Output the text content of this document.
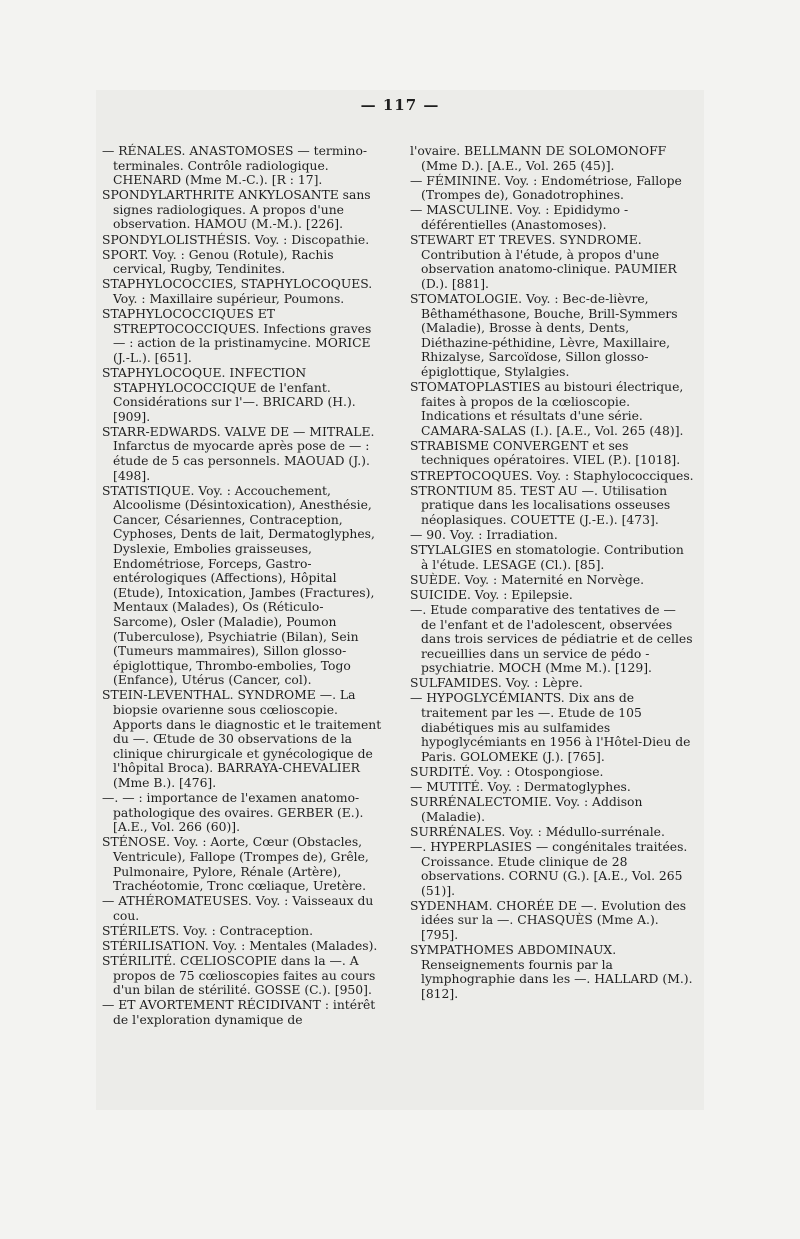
— 117 —

— RÉNALES. ANASTOMOSES — termino-terminales. Contrôle radiologique. CHENARD (Mme M.-C.). [R : 17].

SPONDYLARTHRITE ANKYLOSANTE sans signes radiologiques. A propos d'une observation. HAMOU (M.-M.). [226].

SPONDYLOLISTHÉSIS. Voy. : Discopathie.

SPORT. Voy. : Genou (Rotule), Rachis cervical, Rugby, Tendinites.

STAPHYLOCOCCIES, STAPHYLOCOQUES. Voy. : Maxillaire supérieur, Poumons.

STAPHYLOCOCCIQUES ET STREPTOCOCCIQUES. Infections graves — : action de la pristinamycine. MORICE (J.-L.). [651].

STAPHYLOCOQUE. INFECTION STAPHYLOCOCCIQUE de l'enfant. Considérations sur l'—. BRICARD (H.). [909].

STARR-EDWARDS. VALVE DE — MITRALE. Infarctus de myocarde après pose de — : étude de 5 cas personnels. MAOUAD (J.). [498].

STATISTIQUE. Voy. : Accouchement, Alcoolisme (Désintoxication), Anesthésie, Cancer, Césariennes, Contraception, Cyphoses, Dents de lait, Dermatoglyphes, Dyslexie, Embolies graisseuses, Endométriose, Forceps, Gastro-entérologiques (Affections), Hôpital (Etude), Intoxication, Jambes (Fractures), Mentaux (Malades), Os (Réticulo-Sarcome), Osler (Maladie), Poumon (Tuberculose), Psychiatrie (Bilan), Sein (Tumeurs mammaires), Sillon glosso-épiglottique, Thrombo-embolies, Togo (Enfance), Utérus (Cancer, col).

STEIN-LEVENTHAL. SYNDROME —. La biopsie ovarienne sous cœlioscopie. Apports dans le diagnostic et le traitement du —. Œtude de 30 observations de la clinique chirurgicale et gynécologique de l'hôpital Broca). BARRAYA-CHEVALIER (Mme B.). [476].

—. — : importance de l'examen anatomo-pathologique des ovaires. GERBER (E.). [A.E., Vol. 266 (60)].

STÉNOSE. Voy. : Aorte, Cœur (Obstacles, Ventricule), Fallope (Trompes de), Grêle, Pulmonaire, Pylore, Rénale (Artère), Trachéotomie, Tronc cœliaque, Uretère.

— ATHÉROMATEUSES. Voy. : Vaisseaux du cou.

STÉRILETS. Voy. : Contraception.

STÉRILISATION. Voy. : Mentales (Malades).

STÉRILITÉ. CŒLIOSCOPIE dans la —. A propos de 75 cœlioscopies faites au cours d'un bilan de stérilité. GOSSE (C.). [950].

— ET AVORTEMENT RÉCIDIVANT : intérêt de l'exploration dynamique de

l'ovaire. BELLMANN DE SOLOMONOFF (Mme D.). [A.E., Vol. 265 (45)].

— FÉMININE. Voy. : Endométriose, Fallope (Trompes de), Gonadotrophines.

— MASCULINE. Voy. : Epididymo - déférentielles (Anastomoses).

STEWART ET TREVES. SYNDROME. Contribution à l'étude, à propos d'une observation anatomo-clinique. PAUMIER (D.). [881].

STOMATOLOGIE. Voy. : Bec-de-lièvre, Bêthaméthasone, Bouche, Brill-Symmers (Maladie), Brosse à dents, Dents, Diéthazine-péthidine, Lèvre, Maxillaire, Rhizalyse, Sarcoïdose, Sillon glosso-épiglottique, Stylalgies.

STOMATOPLASTIES au bistouri électrique, faites à propos de la cœlioscopie. Indications et résultats d'une série. CAMARA-SALAS (I.). [A.E., Vol. 265 (48)].

STRABISME CONVERGENT et ses techniques opératoires. VIEL (P.). [1018].

STREPTOCOQUES. Voy. : Staphylococciques.

STRONTIUM 85. TEST AU —. Utilisation pratique dans les localisations osseuses néoplasiques. COUETTE (J.-E.). [473].

— 90. Voy. : Irradiation.

STYLALGIES en stomatologie. Contribution à l'étude. LESAGE (Cl.). [85].

SUÈDE. Voy. : Maternité en Norvège.

SUICIDE. Voy. : Epilepsie.

—. Etude comparative des tentatives de — de l'enfant et de l'adolescent, observées dans trois services de pédiatrie et de celles recueillies dans un service de pédo - psychiatrie. MOCH (Mme M.). [129].

SULFAMIDES. Voy. : Lèpre.

— HYPOGLYCÉMIANTS. Dix ans de traitement par les —. Etude de 105 diabétiques mis au sulfamides hypoglycémiants en 1956 à l'Hôtel-Dieu de Paris. GOLOMEKE (J.). [765].

SURDITÉ. Voy. : Otospongiose.

— MUTITÉ. Voy. : Dermatoglyphes.

SURRÉNALECTOMIE. Voy. : Addison (Maladie).

SURRÉNALES. Voy. : Médullo-surrénale.

—. HYPERPLASIES — congénitales traitées. Croissance. Etude clinique de 28 observations. CORNU (G.). [A.E., Vol. 265 (51)].

SYDENHAM. CHORÉE DE —. Evolution des idées sur la —. CHASQUÈS (Mme A.). [795].

SYMPATHOMES ABDOMINAUX. Renseignements fournis par la lymphographie dans les —. HALLARD (M.). [812].
